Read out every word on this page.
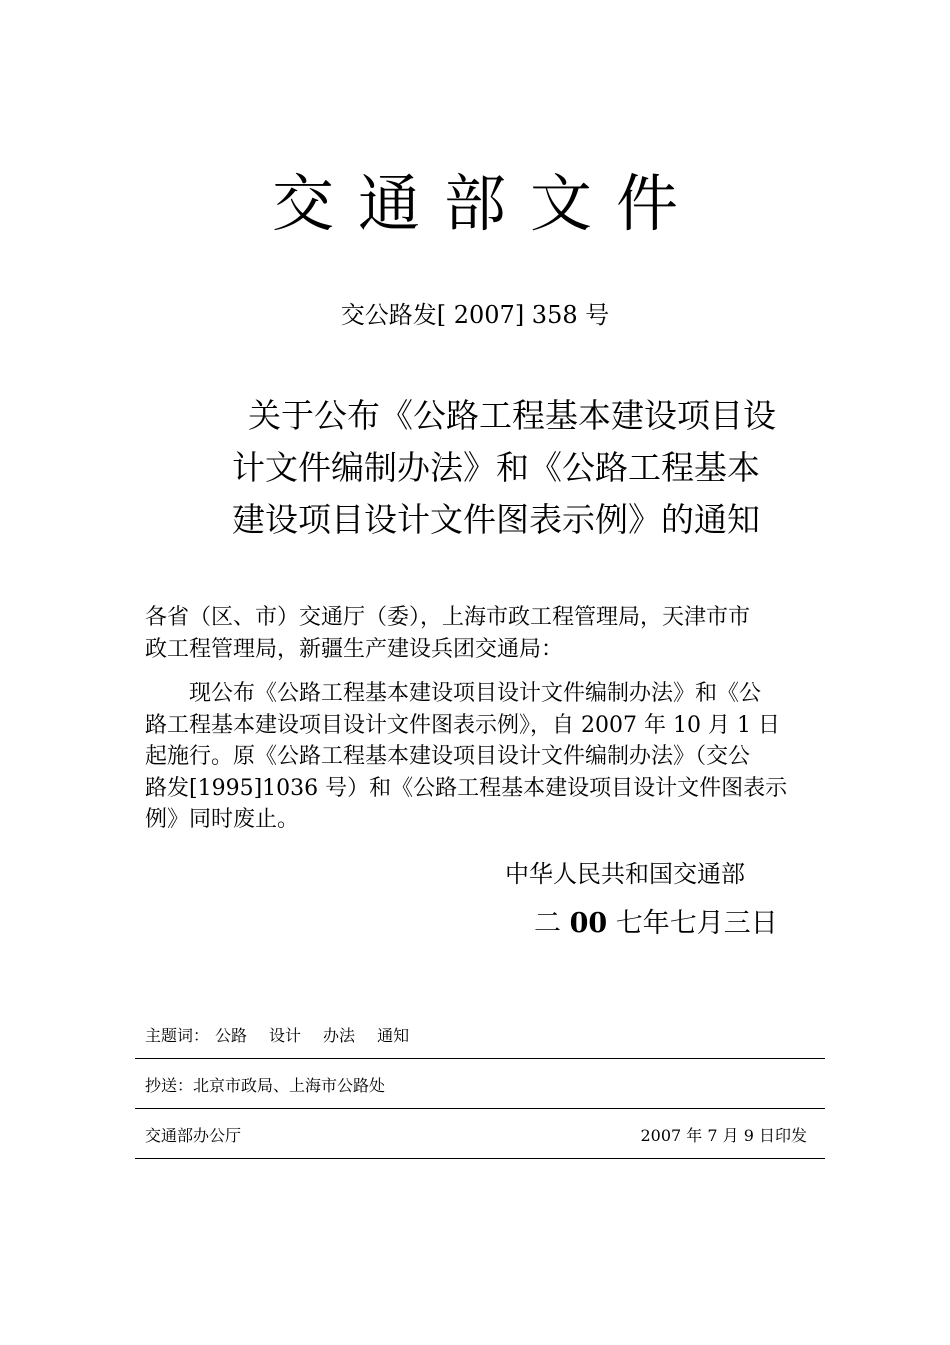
交通部文件
交公路发[ 2007] 358 号
关于公布《公路工程基本建设项目设
计文件编制办法》和《公路工程基本
建设项目设计文件图表示例》的通知
各省（区、市）交通厅（委），上海市政工程管理局，天津市市
政工程管理局，新疆生产建设兵团交通局：
现公布《公路工程基本建设项目设计文件编制办法》和《公
路工程基本建设项目设计文件图表示例》，自 2007 年 10 月 1 日
起施行。原《公路工程基本建设项目设计文件编制办法》（交公
路发[1995]1036 号）和《公路工程基本建设项目设计文件图表示
例》同时废止。
中华人民共和国交通部
二 00 七年七月三日
主题词： 公路 设计 办法 通知
抄送：北京市政局、上海市公路处
交通部办公厅	2007 年 7 月 9 日印发
